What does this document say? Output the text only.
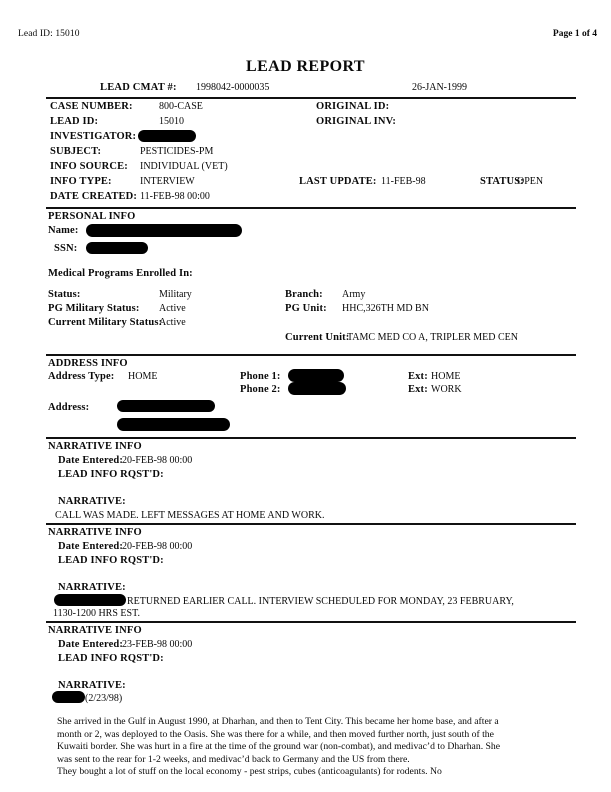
Lead ID: 15010	Page 1 of 4
LEAD REPORT
LEAD CMAT #: 1998042-0000035	26-JAN-1999
CASE NUMBER:	800-CASE	ORIGINAL ID:
LEAD ID:	15010	ORIGINAL INV:
INVESTIGATOR:
SUBJECT:	PESTICIDES-PM
INFO SOURCE: INDIVIDUAL (VET)
INFO TYPE:	INTERVIEW	LAST UPDATE: 11-FEB-98	STATUS:
OPEN
DATE CREATED: 11-FEB-98 00:00
PERSONAL INFO
Name:
SSN:
Medical Programs Enrolled In:
Status:	Military	Branch: Army
PG Military Status: Active	PG Unit: HHC,326TH MD BN
Current Military Status:
Active
Current Unit:
TAMC MED CO A, TRIPLER MED CEN
ADDRESS INFO
Address Type: HOME	Phone 1:	Ext: HOME
Phone 2:	Ext: WORK
Address:
NARRATIVE INFO
Date Entered:
20-FEB-98 00:00
LEAD INFO RQST'D:
NARRATIVE:
CALL WAS MADE. LEFT MESSAGES AT HOME AND WORK.
NARRATIVE INFO
Date Entered:
20-FEB-98 00:00
LEAD INFO RQST'D:
NARRATIVE:
RETURNED EARLIER CALL. INTERVIEW SCHEDULED FOR MONDAY, 23 FEBRUARY,
1130-1200 HRS EST.
NARRATIVE INFO
Date Entered:
23-FEB-98 00:00
LEAD INFO RQST'D:
NARRATIVE:
(2/23/98)
She arrived in the Gulf in August 1990, at Dharhan, and then to Tent City. This became her home base, and after a
month or 2, was deployed to the Oasis. She was there for a while, and then moved further north, just south of the
Kuwaiti border. She was hurt in a fire at the time of the ground war (non-combat), and medivac’d to Dharhan. She
was sent to the rear for 1-2 weeks, and medivac’d back to Germany and the US from there.
They bought a lot of stuff on the local economy - pest strips, cubes (anticoagulants) for rodents. No
